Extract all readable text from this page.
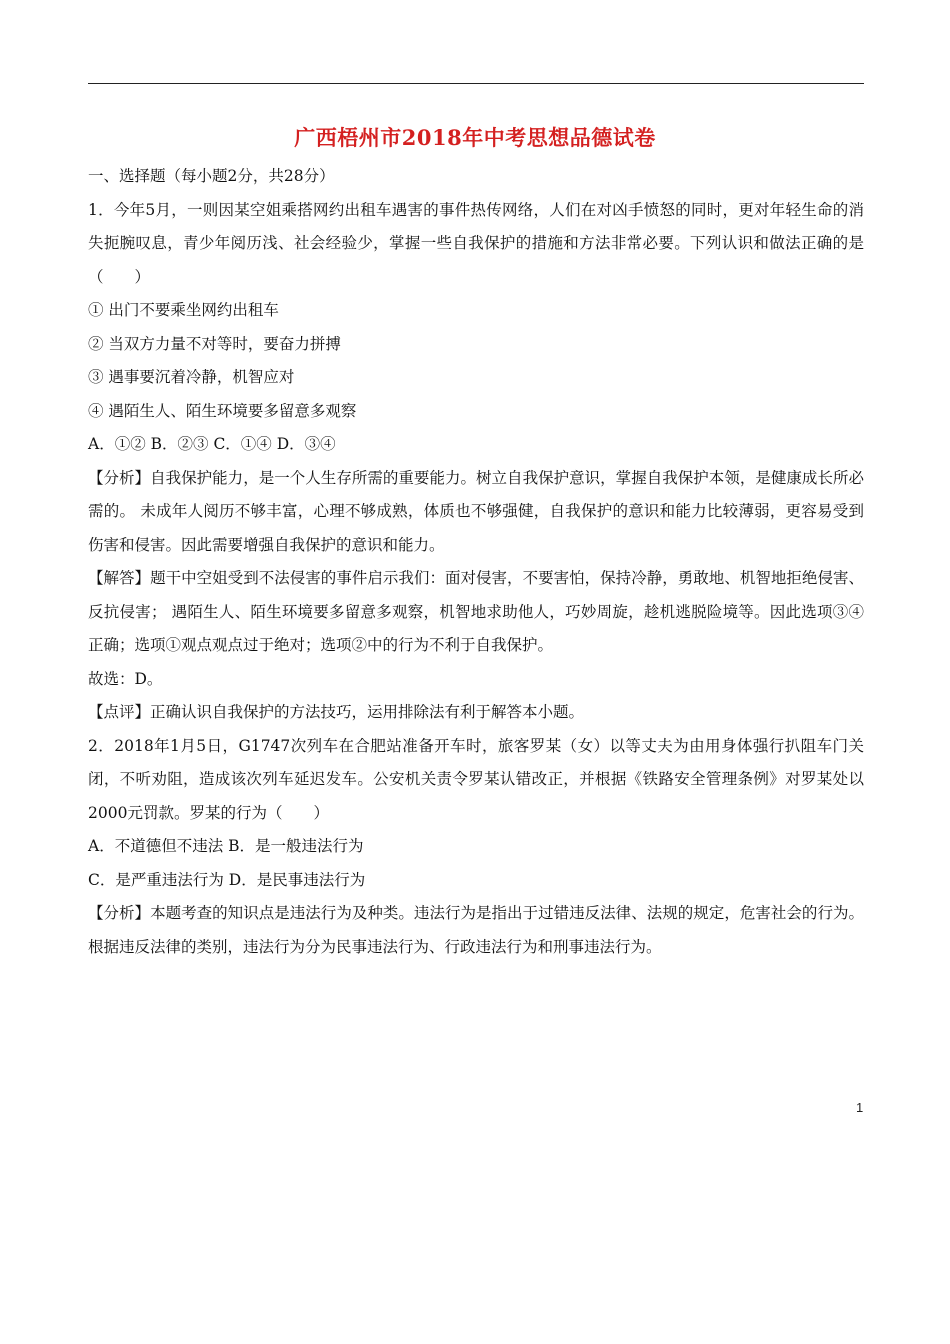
广西梧州市2018年中考思想品德试卷

一、选择题（每小题2分，共28分）

1．今年5月，一则因某空姐乘搭网约出租车遇害的事件热传网络，人们在对凶手愤怒的同时，更对年轻生命的消失扼腕叹息，青少年阅历浅、社会经验少，掌握一些自我保护的措施和方法非常必要。下列认识和做法正确的是（　　）

① 出门不要乘坐网约出租车

② 当双方力量不对等时，要奋力拼搏

③ 遇事要沉着冷静，机智应对

④ 遇陌生人、陌生环境要多留意多观察

A．①② B．②③ C．①④ D．③④

【分析】自我保护能力，是一个人生存所需的重要能力。树立自我保护意识，掌握自我保护本领，是健康成长所必需的。 未成年人阅历不够丰富，心理不够成熟，体质也不够强健，自我保护的意识和能力比较薄弱，更容易受到伤害和侵害。因此需要增强自我保护的意识和能力。

【解答】题干中空姐受到不法侵害的事件启示我们：面对侵害，不要害怕，保持冷静，勇敢地、机智地拒绝侵害、反抗侵害； 遇陌生人、陌生环境要多留意多观察，机智地求助他人，巧妙周旋，趁机逃脱险境等。因此选项③④正确；选项①观点观点过于绝对；选项②中的行为不利于自我保护。

故选：D。

【点评】正确认识自我保护的方法技巧，运用排除法有利于解答本小题。

2．2018年1月5日，G1747次列车在合肥站准备开车时，旅客罗某（女）以等丈夫为由用身体强行扒阻车门关闭，不听劝阻，造成该次列车延迟发车。公安机关责令罗某认错改正，并根据《铁路安全管理条例》对罗某处以2000元罚款。罗某的行为（　　）

A．不道德但不违法 B．是一般违法行为

C．是严重违法行为 D．是民事违法行为

【分析】本题考查的知识点是违法行为及种类。违法行为是指出于过错违反法律、法规的规定，危害社会的行为。 根据违反法律的类别，违法行为分为民事违法行为、行政违法行为和刑事违法行为。

1
